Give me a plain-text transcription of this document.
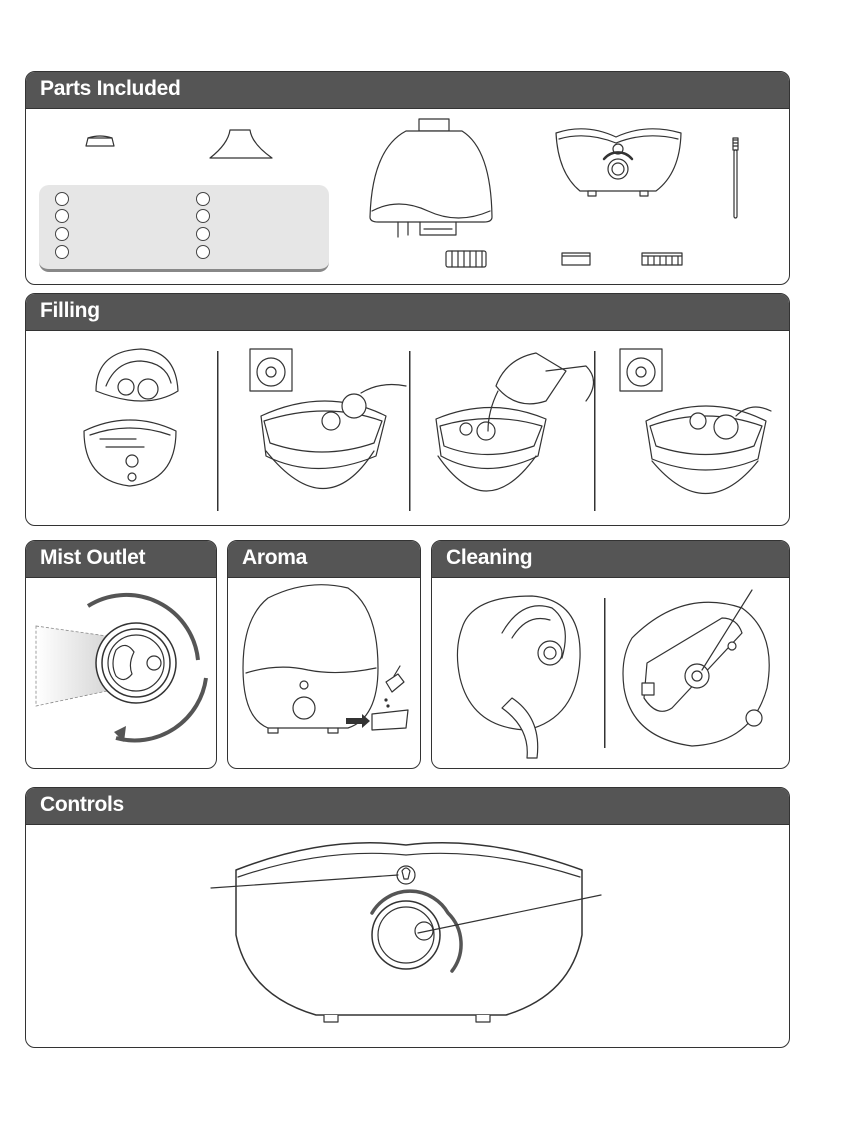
Parts Included
Filling
Mist Outlet	Aroma	Cleaning
Controls
